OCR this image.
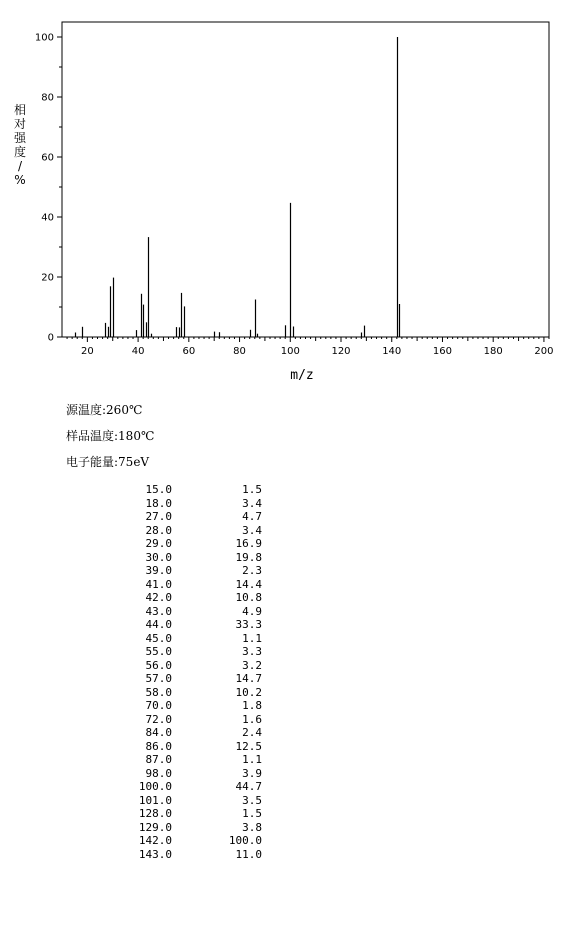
20	40	60	80	100	120	140	160	180	200
0
20
40
60
80
100
m/z
相
对
强
度
/
%
源温度:260℃
样品温度:180℃
电子能量:75eV
15.0	1.5
18.0	3.4
27.0	4.7
28.0	3.4
29.0	16.9
30.0	19.8
39.0	2.3
41.0	14.4
42.0	10.8
43.0	4.9
44.0	33.3
45.0	1.1
55.0	3.3
56.0	3.2
57.0	14.7
58.0	10.2
70.0	1.8
72.0	1.6
84.0	2.4
86.0	12.5
87.0	1.1
98.0	3.9
100.0	44.7
101.0	3.5
128.0	1.5
129.0	3.8
142.0	100.0
143.0	11.0
